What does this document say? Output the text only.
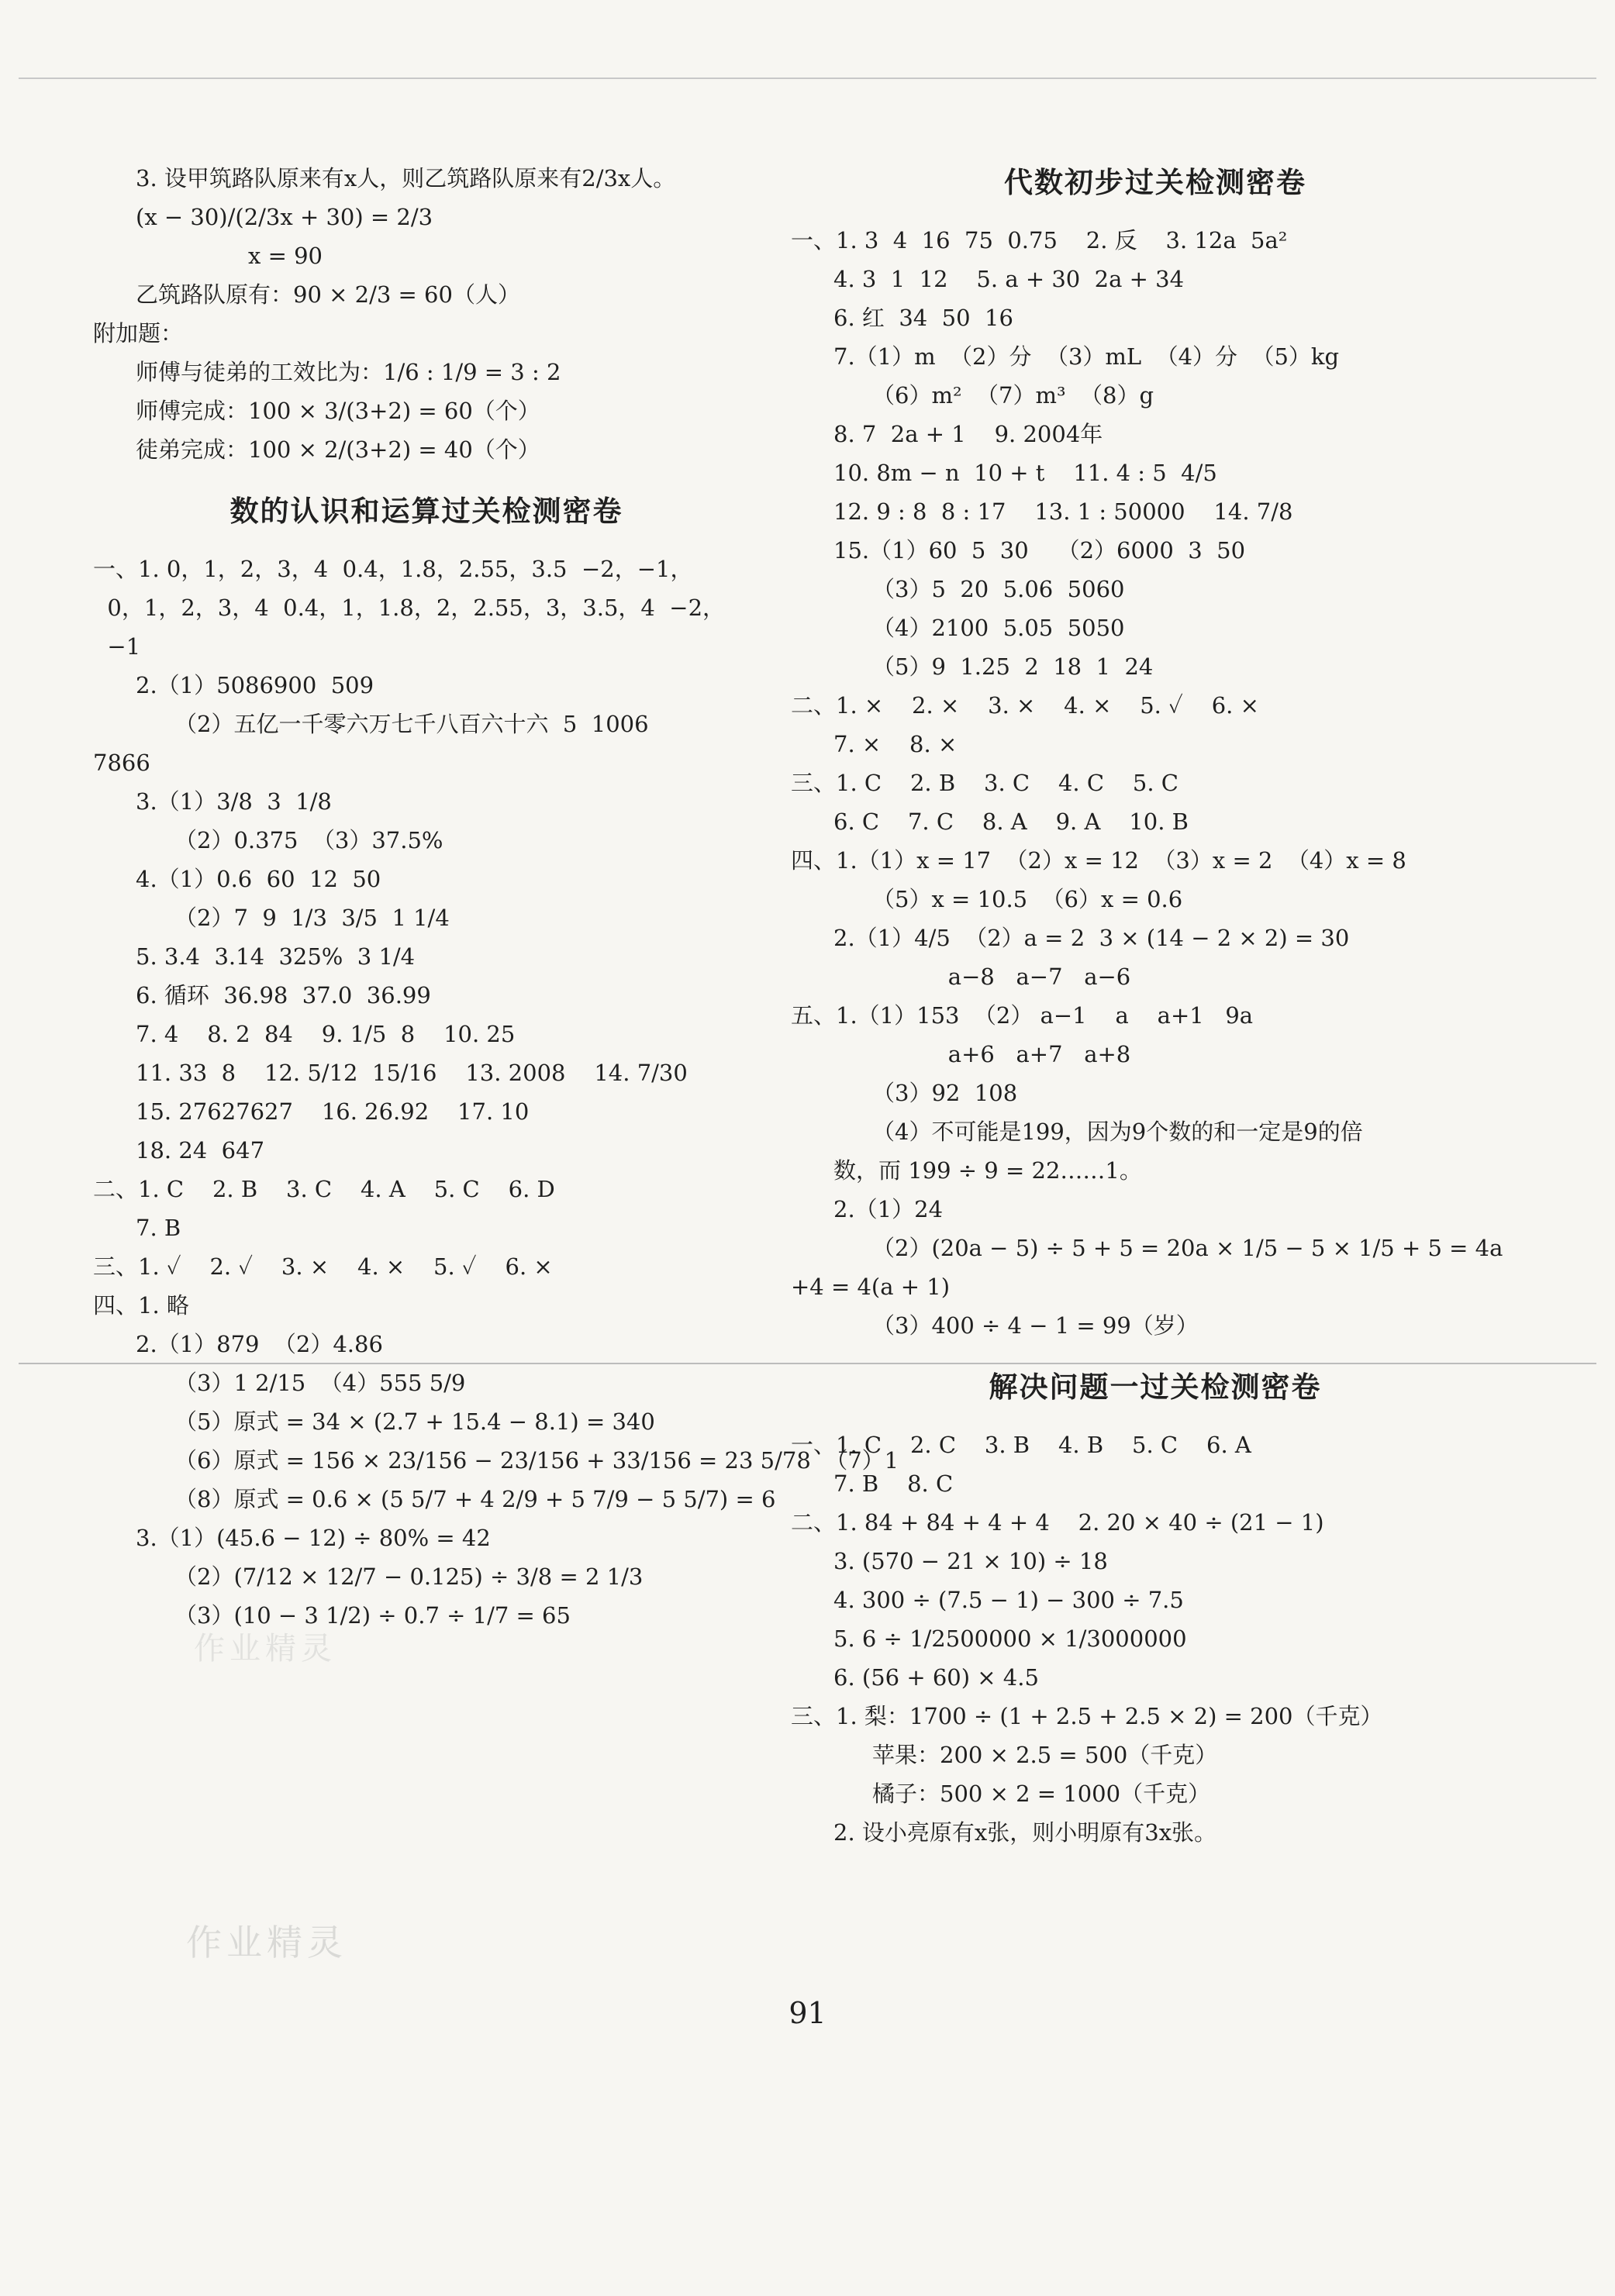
作业精灵
作业精灵
3. 设甲筑路队原来有x人，则乙筑路队原来有2/3x人。
(x − 30)/(2/3x + 30) = 2/3
x = 90
乙筑路队原有：90 × 2/3 = 60（人）
附加题：
师傅与徒弟的工效比为：1/6 : 1/9 = 3 : 2
师傅完成：100 × 3/(3+2) = 60（个）
徒弟完成：100 × 2/(3+2) = 40（个）
数的认识和运算过关检测密卷
一、1. 0，1，2，3，4  0.4，1.8，2.55，3.5  −2，−1，
0，1，2，3，4  0.4，1，1.8，2，2.55，3，3.5，4  −2，
−1
2.（1）5086900  509
（2）五亿一千零六万七千八百六十六  5  1006
7866
3.（1）3/8  3  1/8
（2）0.375  （3）37.5%
4.（1）0.6  60  12  50
（2）7  9  1/3  3/5  1 1/4
5. 3.4  3.14  325%  3 1/4
6. 循环  36.98  37.0  36.99
7. 4    8. 2  84    9. 1/5  8    10. 25
11. 33  8    12. 5/12  15/16    13. 2008    14. 7/30
15. 27627627    16. 26.92    17. 10
18. 24  647
二、1. C    2. B    3. C    4. A    5. C    6. D
7. B
三、1. ✓    2. ✓    3. ×    4. ×    5. ✓    6. ×
四、1. 略
2.（1）879  （2）4.86
（3）1 2/15  （4）555 5/9
（5）原式 = 34 × (2.7 + 15.4 − 8.1) = 340
（6）原式 = 156 × 23/156 − 23/156 + 33/156 = 23 5/78  （7）1
（8）原式 = 0.6 × (5 5/7 + 4 2/9 + 5 7/9 − 5 5/7) = 6
3.（1）(45.6 − 12) ÷ 80% = 42
（2）(7/12 × 12/7 − 0.125) ÷ 3/8 = 2 1/3
（3）(10 − 3 1/2) ÷ 0.7 ÷ 1/7 = 65
代数初步过关检测密卷
一、1. 3  4  16  75  0.75    2. 反    3. 12a  5a²
4. 3  1  12    5. a + 30  2a + 34
6. 红  34  50  16
7.（1）m  （2）分  （3）mL  （4）分  （5）kg
（6）m²  （7）m³  （8）g
8. 7  2a + 1    9. 2004年
10. 8m − n  10 + t    11. 4 : 5  4/5
12. 9 : 8  8 : 17    13. 1 : 50000    14. 7/8
15.（1）60  5  30    （2）6000  3  50
（3）5  20  5.06  5060
（4）2100  5.05  5050
（5）9  1.25  2  18  1  24
二、1. ×    2. ×    3. ×    4. ×    5. ✓    6. ×
7. ×    8. ×
三、1. C    2. B    3. C    4. C    5. C
6. C    7. C    8. A    9. A    10. B
四、1.（1）x = 17  （2）x = 12  （3）x = 2  （4）x = 8
（5）x = 10.5  （6）x = 0.6
2.（1）4/5  （2）a = 2  3 × (14 − 2 × 2) = 30
a−8   a−7   a−6
五、1.（1）153  （2） a−1    a    a+1   9a
a+6   a+7   a+8
（3）92  108
（4）不可能是199，因为9个数的和一定是9的倍
数，而 199 ÷ 9 = 22……1。
2.（1）24
（2）(20a − 5) ÷ 5 + 5 = 20a × 1/5 − 5 × 1/5 + 5 = 4a
+4 = 4(a + 1)
（3）400 ÷ 4 − 1 = 99（岁）
解决问题一过关检测密卷
一、1. C    2. C    3. B    4. B    5. C    6. A
7. B    8. C
二、1. 84 + 84 + 4 + 4    2. 20 × 40 ÷ (21 − 1)
3. (570 − 21 × 10) ÷ 18
4. 300 ÷ (7.5 − 1) − 300 ÷ 7.5
5. 6 ÷ 1/2500000 × 1/3000000
6. (56 + 60) × 4.5
三、1. 梨：1700 ÷ (1 + 2.5 + 2.5 × 2) = 200（千克）
苹果：200 × 2.5 = 500（千克）
橘子：500 × 2 = 1000（千克）
2. 设小亮原有x张，则小明原有3x张。
91
